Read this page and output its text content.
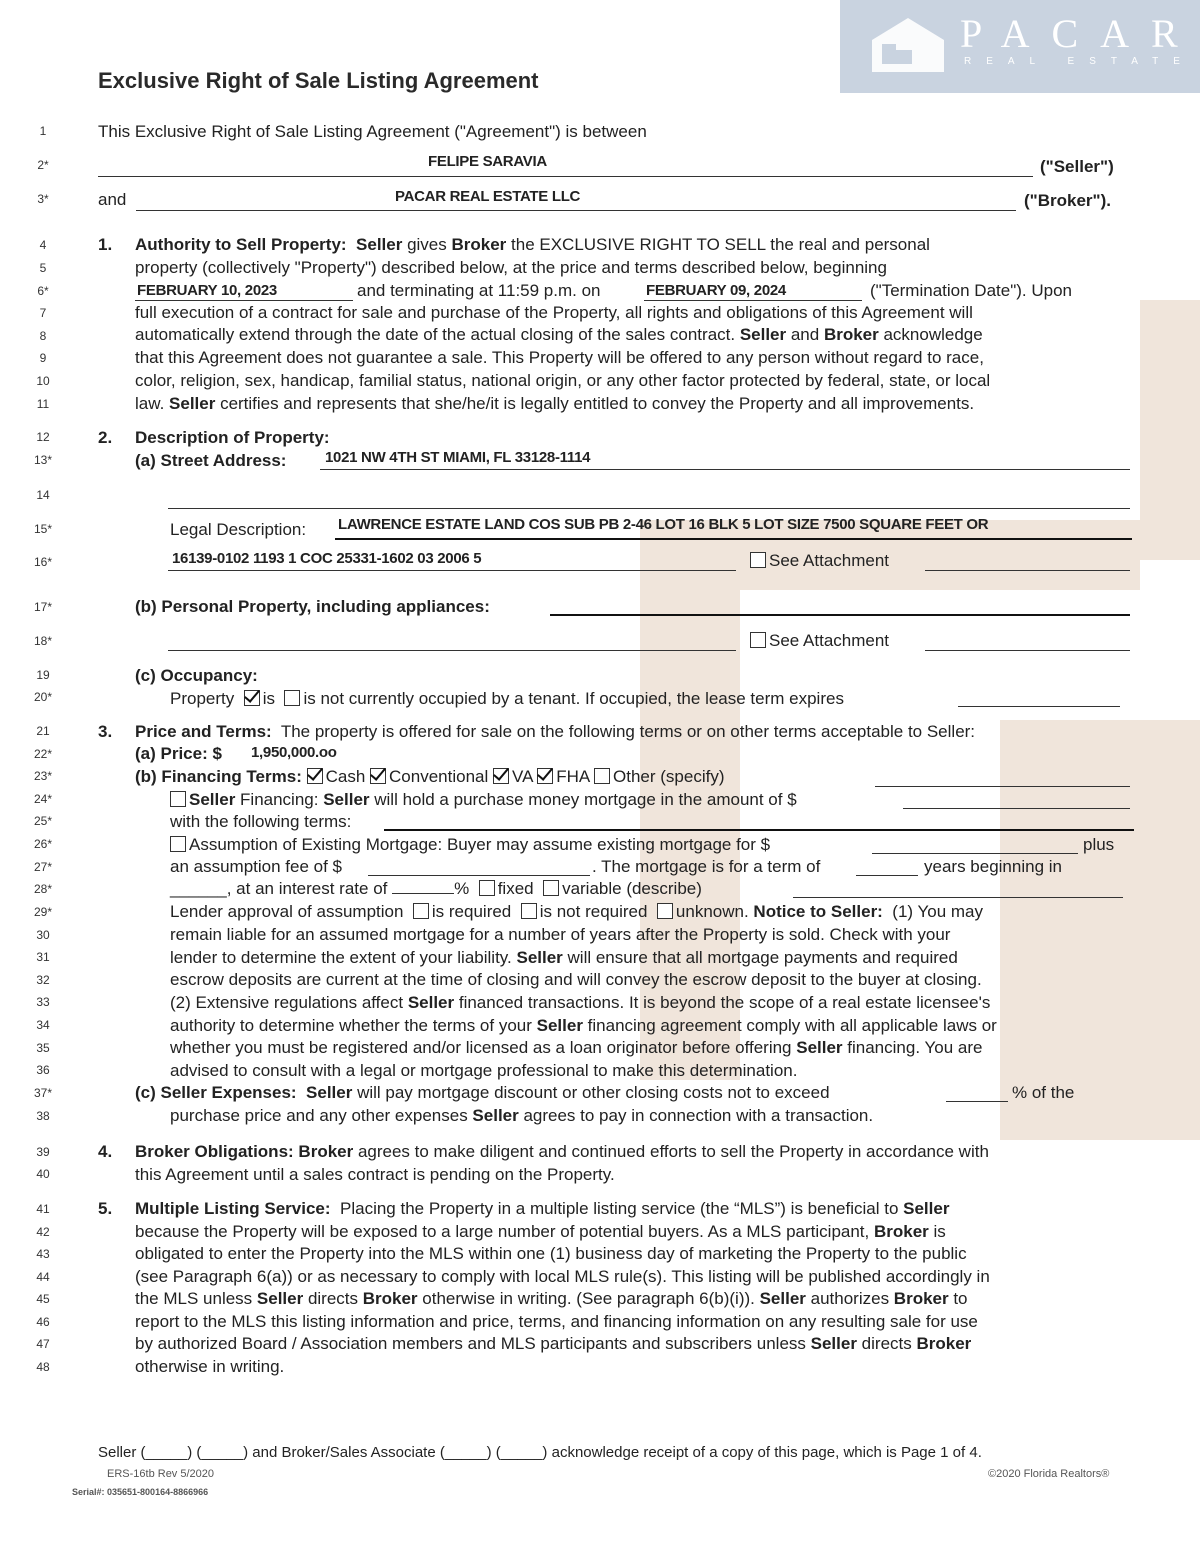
PACAR
REAL ESTATE
Exclusive Right of Sale Listing Agreement
1
2*
3*
4
5
6*
7
8
9
10
11
12
13*
14
15*
16*
17*
18*
19
20*
21
22*
23*
24*
25*
26*
27*
28*
29*
30
31
32
33
34
35
36
37*
38
39
40
41
42
43
44
45
46
47
48
This Exclusive Right of Sale Listing Agreement ("Agreement") is between
FELIPE SARAVIA	("Seller")
and	PACAR REAL ESTATE LLC	("Broker").
1. Authority to Sell Property: Seller gives Broker the EXCLUSIVE RIGHT TO SELL the real and personal
property (collectively "Property") described below, at the price and terms described below, beginning
FEBRUARY 10, 2023	and terminating at 11:59 p.m. on	FEBRUARY 09, 2024	("Termination Date"). Upon
full execution of a contract for sale and purchase of the Property, all rights and obligations of this Agreement will
automatically extend through the date of the actual closing of the sales contract. Seller and Broker acknowledge
that this Agreement does not guarantee a sale. This Property will be offered to any person without regard to race,
color, religion, sex, handicap, familial status, national origin, or any other factor protected by federal, state, or local
law. Seller certifies and represents that she/he/it is legally entitled to convey the Property and all improvements.
2. Description of Property:
(a) Street Address:	1021 NW 4TH ST MIAMI, FL 33128-1114
Legal Description: LAWRENCE ESTATE LAND COS SUB PB 2-46 LOT 16 BLK 5 LOT SIZE 7500 SQUARE FEET OR
16139-0102 1193 1 COC 25331-1602 03 2006 5	See Attachment
(b) Personal Property, including appliances:
See Attachment
(c) Occupancy:
Property is is not currently occupied by a tenant. If occupied, the lease term expires
3. Price and Terms: The property is offered for sale on the following terms or on other terms acceptable to Seller:
(a) Price: $ 1,950,000.oo
(b) Financing Terms: Cash Conventional VA FHA Other (specify)
Seller Financing: Seller will hold a purchase money mortgage in the amount of $
with the following terms:
Assumption of Existing Mortgage: Buyer may assume existing mortgage for $	plus
an assumption fee of $	. The mortgage is for a term of	years beginning in
______, at an interest rate of	% fixed variable (describe)
Lender approval of assumption is required is not required unknown. Notice to Seller: (1) You may
remain liable for an assumed mortgage for a number of years after the Property is sold. Check with your
lender to determine the extent of your liability. Seller will ensure that all mortgage payments and required
escrow deposits are current at the time of closing and will convey the escrow deposit to the buyer at closing.
(2) Extensive regulations affect Seller financed transactions. It is beyond the scope of a real estate licensee's
authority to determine whether the terms of your Seller financing agreement comply with all applicable laws or
whether you must be registered and/or licensed as a loan originator before offering Seller financing. You are
advised to consult with a legal or mortgage professional to make this determination.
(c) Seller Expenses: Seller will pay mortgage discount or other closing costs not to exceed	% of the
purchase price and any other expenses Seller agrees to pay in connection with a transaction.
4. Broker Obligations: Broker agrees to make diligent and continued efforts to sell the Property in accordance with
this Agreement until a sales contract is pending on the Property.
5. Multiple Listing Service: Placing the Property in a multiple listing service (the “MLS”) is beneficial to Seller
because the Property will be exposed to a large number of potential buyers. As a MLS participant, Broker is
obligated to enter the Property into the MLS within one (1) business day of marketing the Property to the public
(see Paragraph 6(a)) or as necessary to comply with local MLS rule(s). This listing will be published accordingly in
the MLS unless Seller directs Broker otherwise in writing. (See paragraph 6(b)(i)). Seller authorizes Broker to
report to the MLS this listing information and price, terms, and financing information on any resulting sale for use
by authorized Board / Association members and MLS participants and subscribers unless Seller directs Broker
otherwise in writing.
Seller (_____) (_____) and Broker/Sales Associate (_____) (_____) acknowledge receipt of a copy of this page, which is Page 1 of 4.
ERS-16tb Rev 5/2020	©2020 Florida Realtors®
Serial#: 035651-800164-8866966
